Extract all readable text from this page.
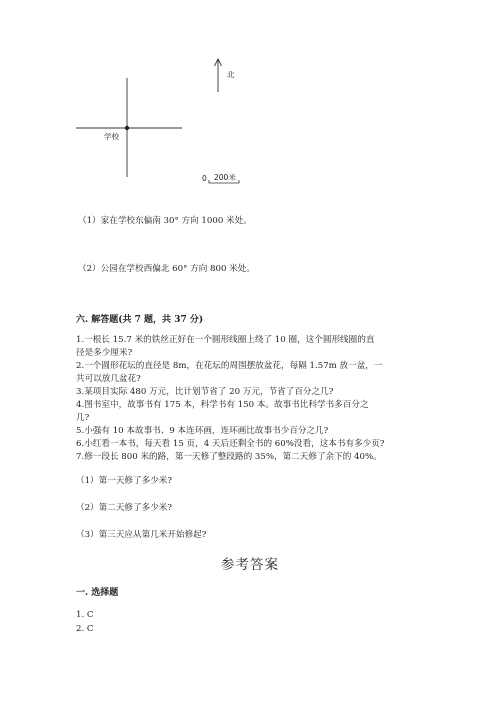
北
学校
0 200米
（1）家在学校东偏南 30° 方向 1000 米处。
（2）公园在学校西偏北 60° 方向 800 米处。
六. 解答题(共 7 题，共 37 分)
1.一根长 15.7 米的铁丝正好在一个圆形线圈上绕了 10 圈，这个圆形线圈的直
径是多少厘米?
2.一个圆形花坛的直径是 8m，在花坛的周围摆放盆花，每隔 1.57m 放一盆，一
共可以放几盆花?
3.某项目实际 480 万元，比计划节省了 20 万元，节省了百分之几?
4.图书室中，故事书有 175 本，科学书有 150 本。故事书比科学书多百分之
几?
5.小强有 10 本故事书、9 本连环画，连环画比故事书少百分之几?
6.小红看一本书，每天看 15 页，4 天后还剩全书的 60%没看，这本书有多少页?
7.修一段长 800 米的路，第一天修了整段路的 35%，第二天修了余下的 40%。
（1）第一天修了多少米?
（2）第二天修了多少米?
（3）第三天应从第几米开始修起?
参考答案
一. 选择题
1. C
2. C
